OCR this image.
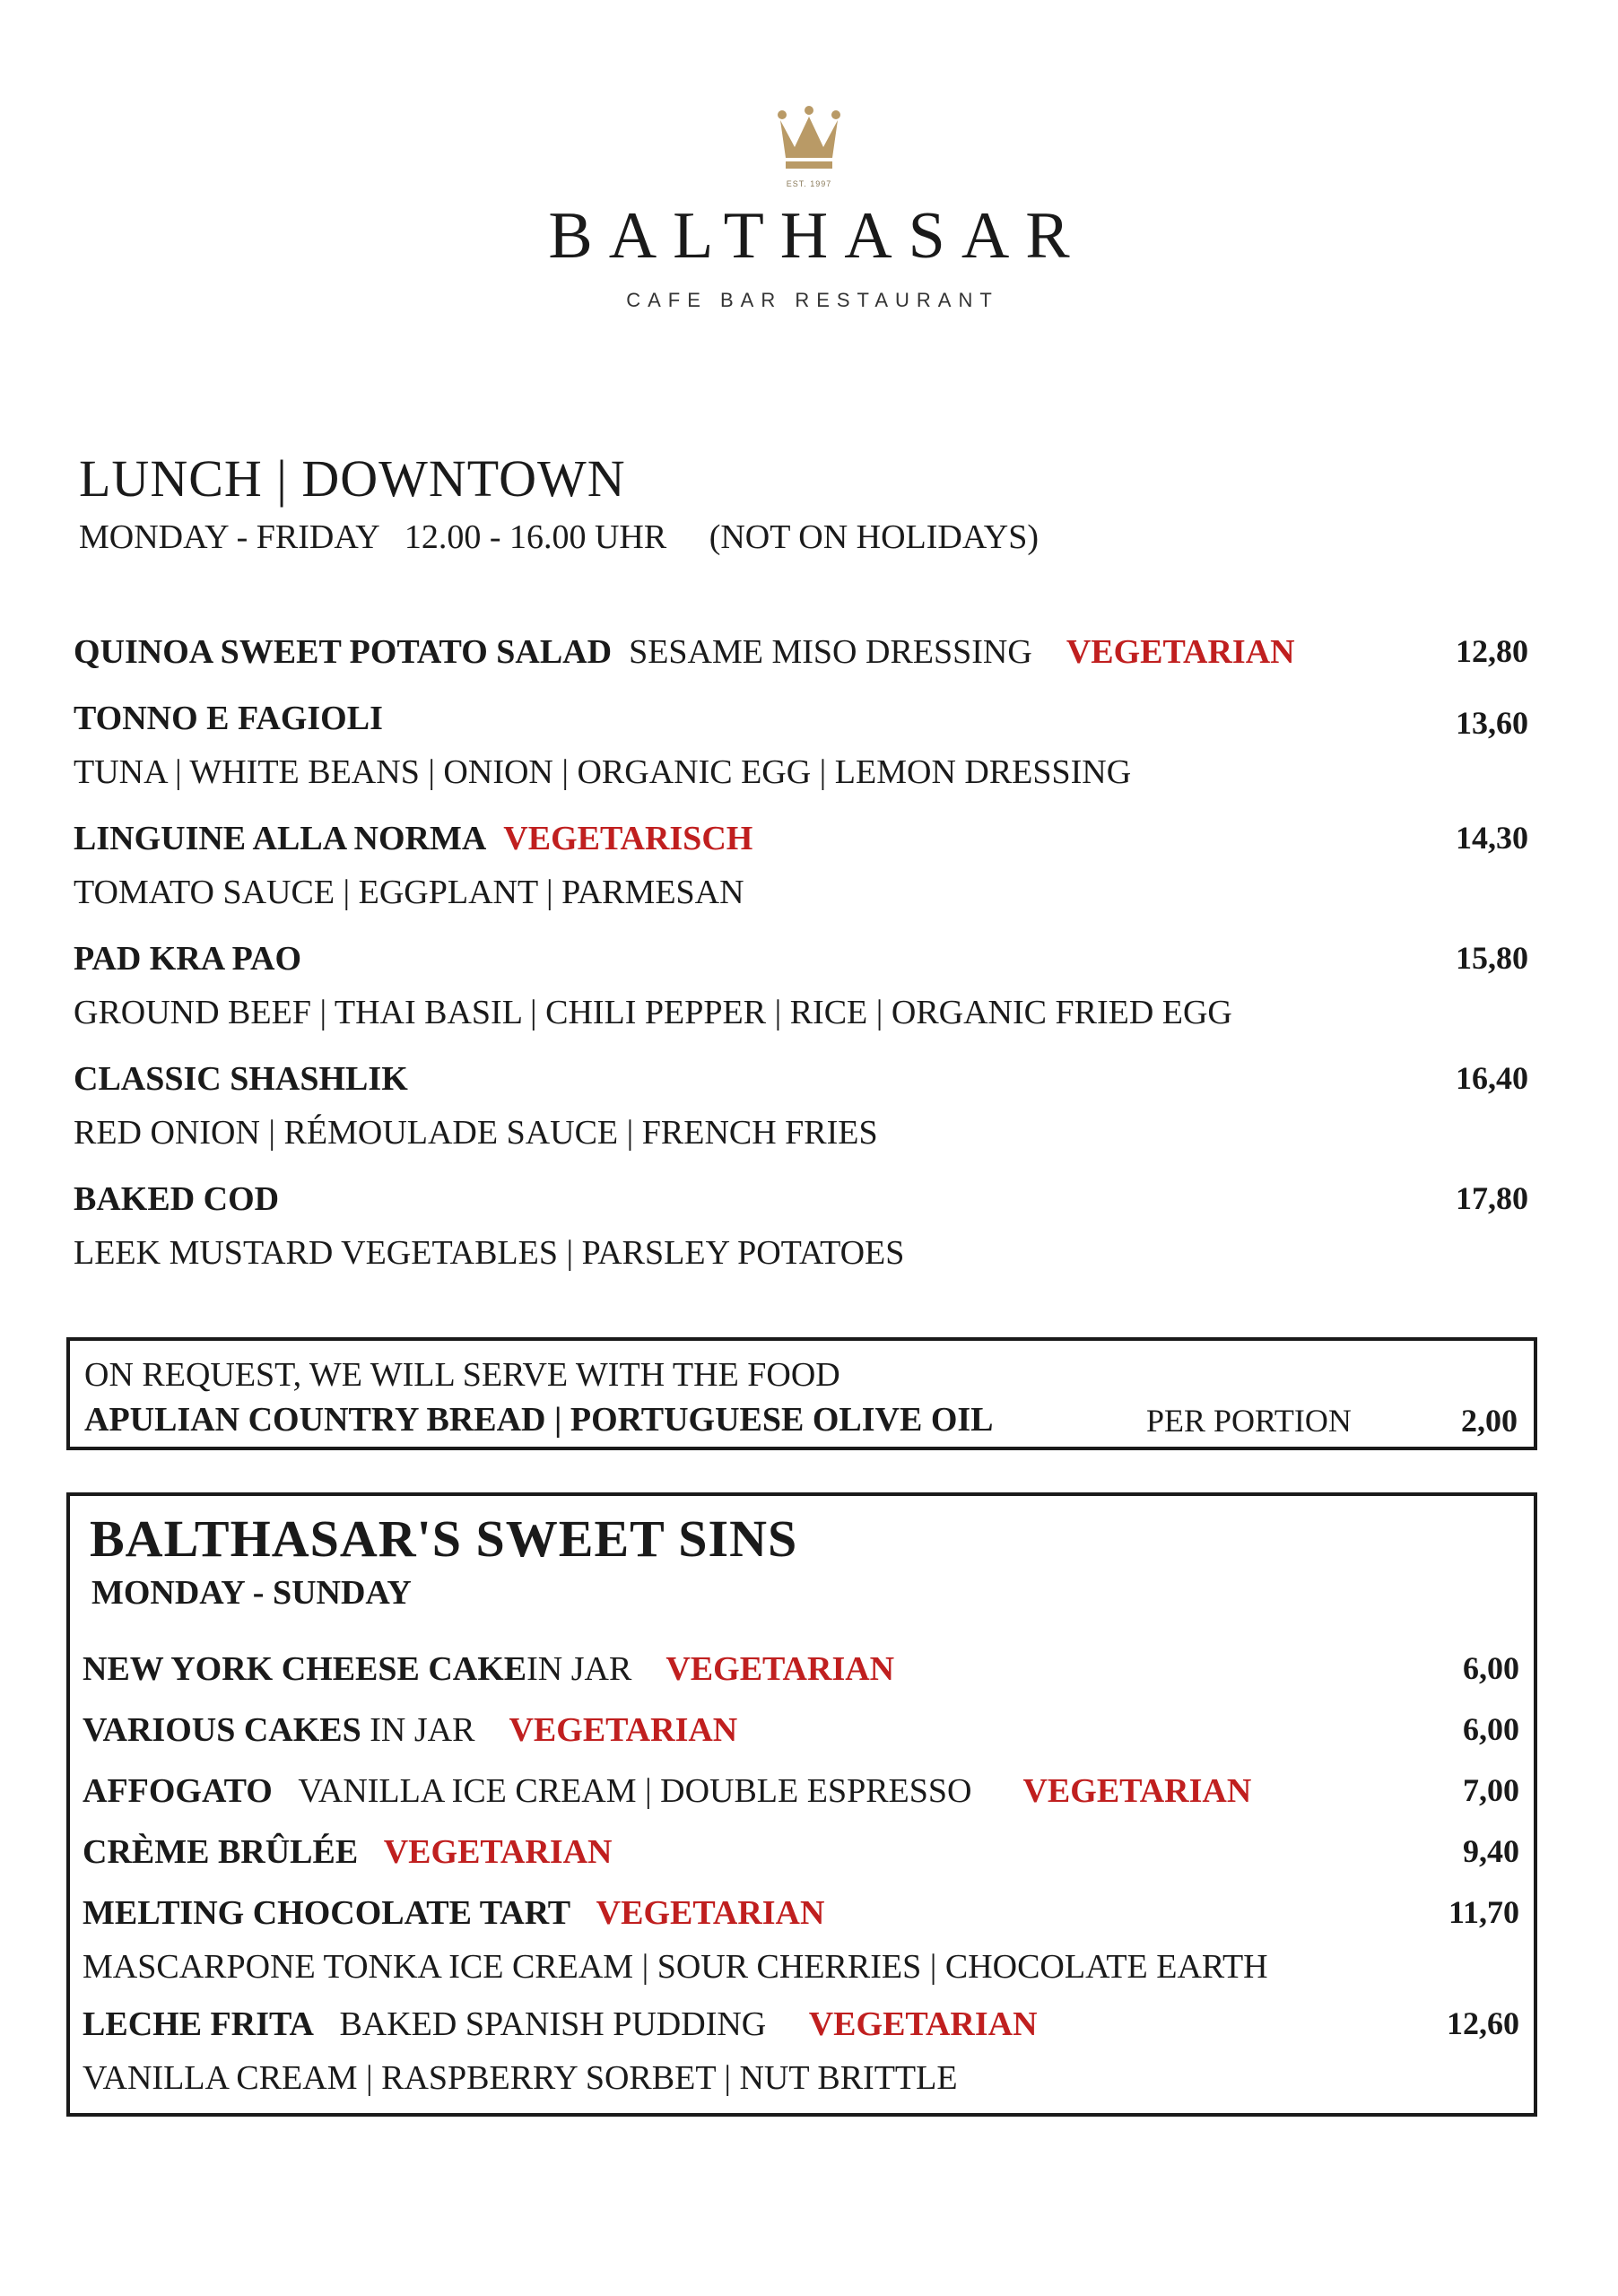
EST. 1997
BALTHASAR
CAFE BAR RESTAURANT
LUNCH | DOWNTOWN
MONDAY - FRIDAY   12.00 - 16.00 UHR     (NOT ON HOLIDAYS)
QUINOA SWEET POTATO SALAD SESAME MISO DRESSING VEGETARIAN	12,80
TONNO E FAGIOLI	13,60
TUNA | WHITE BEANS | ONION | ORGANIC EGG | LEMON DRESSING
LINGUINE ALLA NORMA VEGETARISCH	14,30
TOMATO SAUCE | EGGPLANT | PARMESAN
PAD KRA PAO	15,80
GROUND BEEF | THAI BASIL | CHILI PEPPER | RICE | ORGANIC FRIED EGG
CLASSIC SHASHLIK	16,40
RED ONION | RÉMOULADE SAUCE | FRENCH FRIES
BAKED COD	17,80
LEEK MUSTARD VEGETABLES | PARSLEY POTATOES
ON REQUEST, WE WILL SERVE WITH THE FOOD
APULIAN COUNTRY BREAD | PORTUGUESE OLIVE OIL	PER PORTION	2,00
BALTHASAR'S SWEET SINS
MONDAY - SUNDAY
NEW YORK CHEESE CAKEIN JAR VEGETARIAN	6,00
VARIOUS CAKES IN JAR VEGETARIAN	6,00
AFFOGATO VANILLA ICE CREAM | DOUBLE ESPRESSO VEGETARIAN	7,00
CRÈME BRÛLÉE VEGETARIAN	9,40
MELTING CHOCOLATE TART VEGETARIAN	11,70
MASCARPONE TONKA ICE CREAM | SOUR CHERRIES | CHOCOLATE EARTH
LECHE FRITA BAKED SPANISH PUDDING VEGETARIAN	12,60
VANILLA CREAM | RASPBERRY SORBET | NUT BRITTLE
